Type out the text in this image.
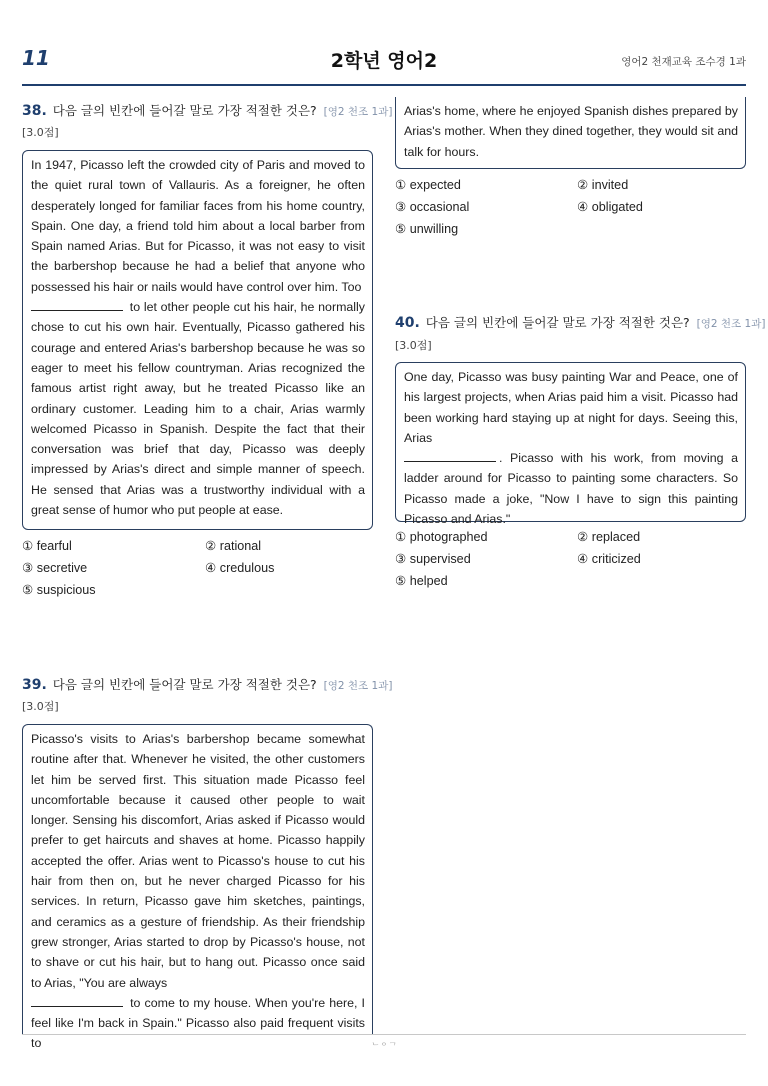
11	2학년 영어2	영어2 천재교육 조수경 1과
38. 다음 글의 빈칸에 들어갈 말로 가장 적절한 것은? [영2 천조 1과]
[3.0점]
In 1947, Picasso left the crowded city of Paris and moved to the quiet rural town of Vallauris. As a foreigner, he often desperately longed for familiar faces from his home country, Spain. One day, a friend told him about a local barber from Spain named Arias. But for Picasso, it was not easy to visit the barbershop because he had a belief that anyone who possessed his hair or nails would have control over him. Too
to let other people cut his hair, he normally chose to cut his own hair. Eventually, Picasso gathered his courage and entered Arias's barbershop because he was so eager to meet his fellow countryman. Arias recognized the famous artist right away, but he treated Picasso like an ordinary customer. Leading him to a chair, Arias warmly welcomed Picasso in Spanish. Despite the fact that their conversation was brief that day, Picasso was deeply impressed by Arias's direct and simple manner of speech. He sensed that Arias was a trustworthy individual with a great sense of humor who put people at ease.
① fearful	② rational
③ secretive	④ credulous
⑤ suspicious
39. 다음 글의 빈칸에 들어갈 말로 가장 적절한 것은? [영2 천조 1과]
[3.0점]
Picasso's visits to Arias's barbershop became somewhat routine after that. Whenever he visited, the other customers let him be served first. This situation made Picasso feel uncomfortable because it caused other people to wait longer. Sensing his discomfort, Arias asked if Picasso would prefer to get haircuts and shaves at home. Picasso happily accepted the offer. Arias went to Picasso's house to cut his hair from then on, but he never charged Picasso for his services. In return, Picasso gave him sketches, paintings, and ceramics as a gesture of friendship. As their friendship grew stronger, Arias started to drop by Picasso's house, not to shave or cut his hair, but to hang out. Picasso once said to Arias, "You are always
to come to my house. When you're here, I feel like I'm back in Spain." Picasso also paid frequent visits to
Arias's home, where he enjoyed Spanish dishes prepared by Arias's mother. When they dined together, they would sit and talk for hours.
① expected	② invited
③ occasional	④ obligated
⑤ unwilling
40. 다음 글의 빈칸에 들어갈 말로 가장 적절한 것은? [영2 천조 1과]
[3.0점]
One day, Picasso was busy painting War and Peace, one of his largest projects, when Arias paid him a visit. Picasso had been working hard staying up at night for days. Seeing this, Arias
. Picasso with his work, from moving a ladder around for Picasso to painting some characters. So Picasso made a joke, "Now I have to sign this painting Picasso and Arias."
① photographed	② replaced
③ supervised	④ criticized
⑤ helped
ᄂᄋᄀ
